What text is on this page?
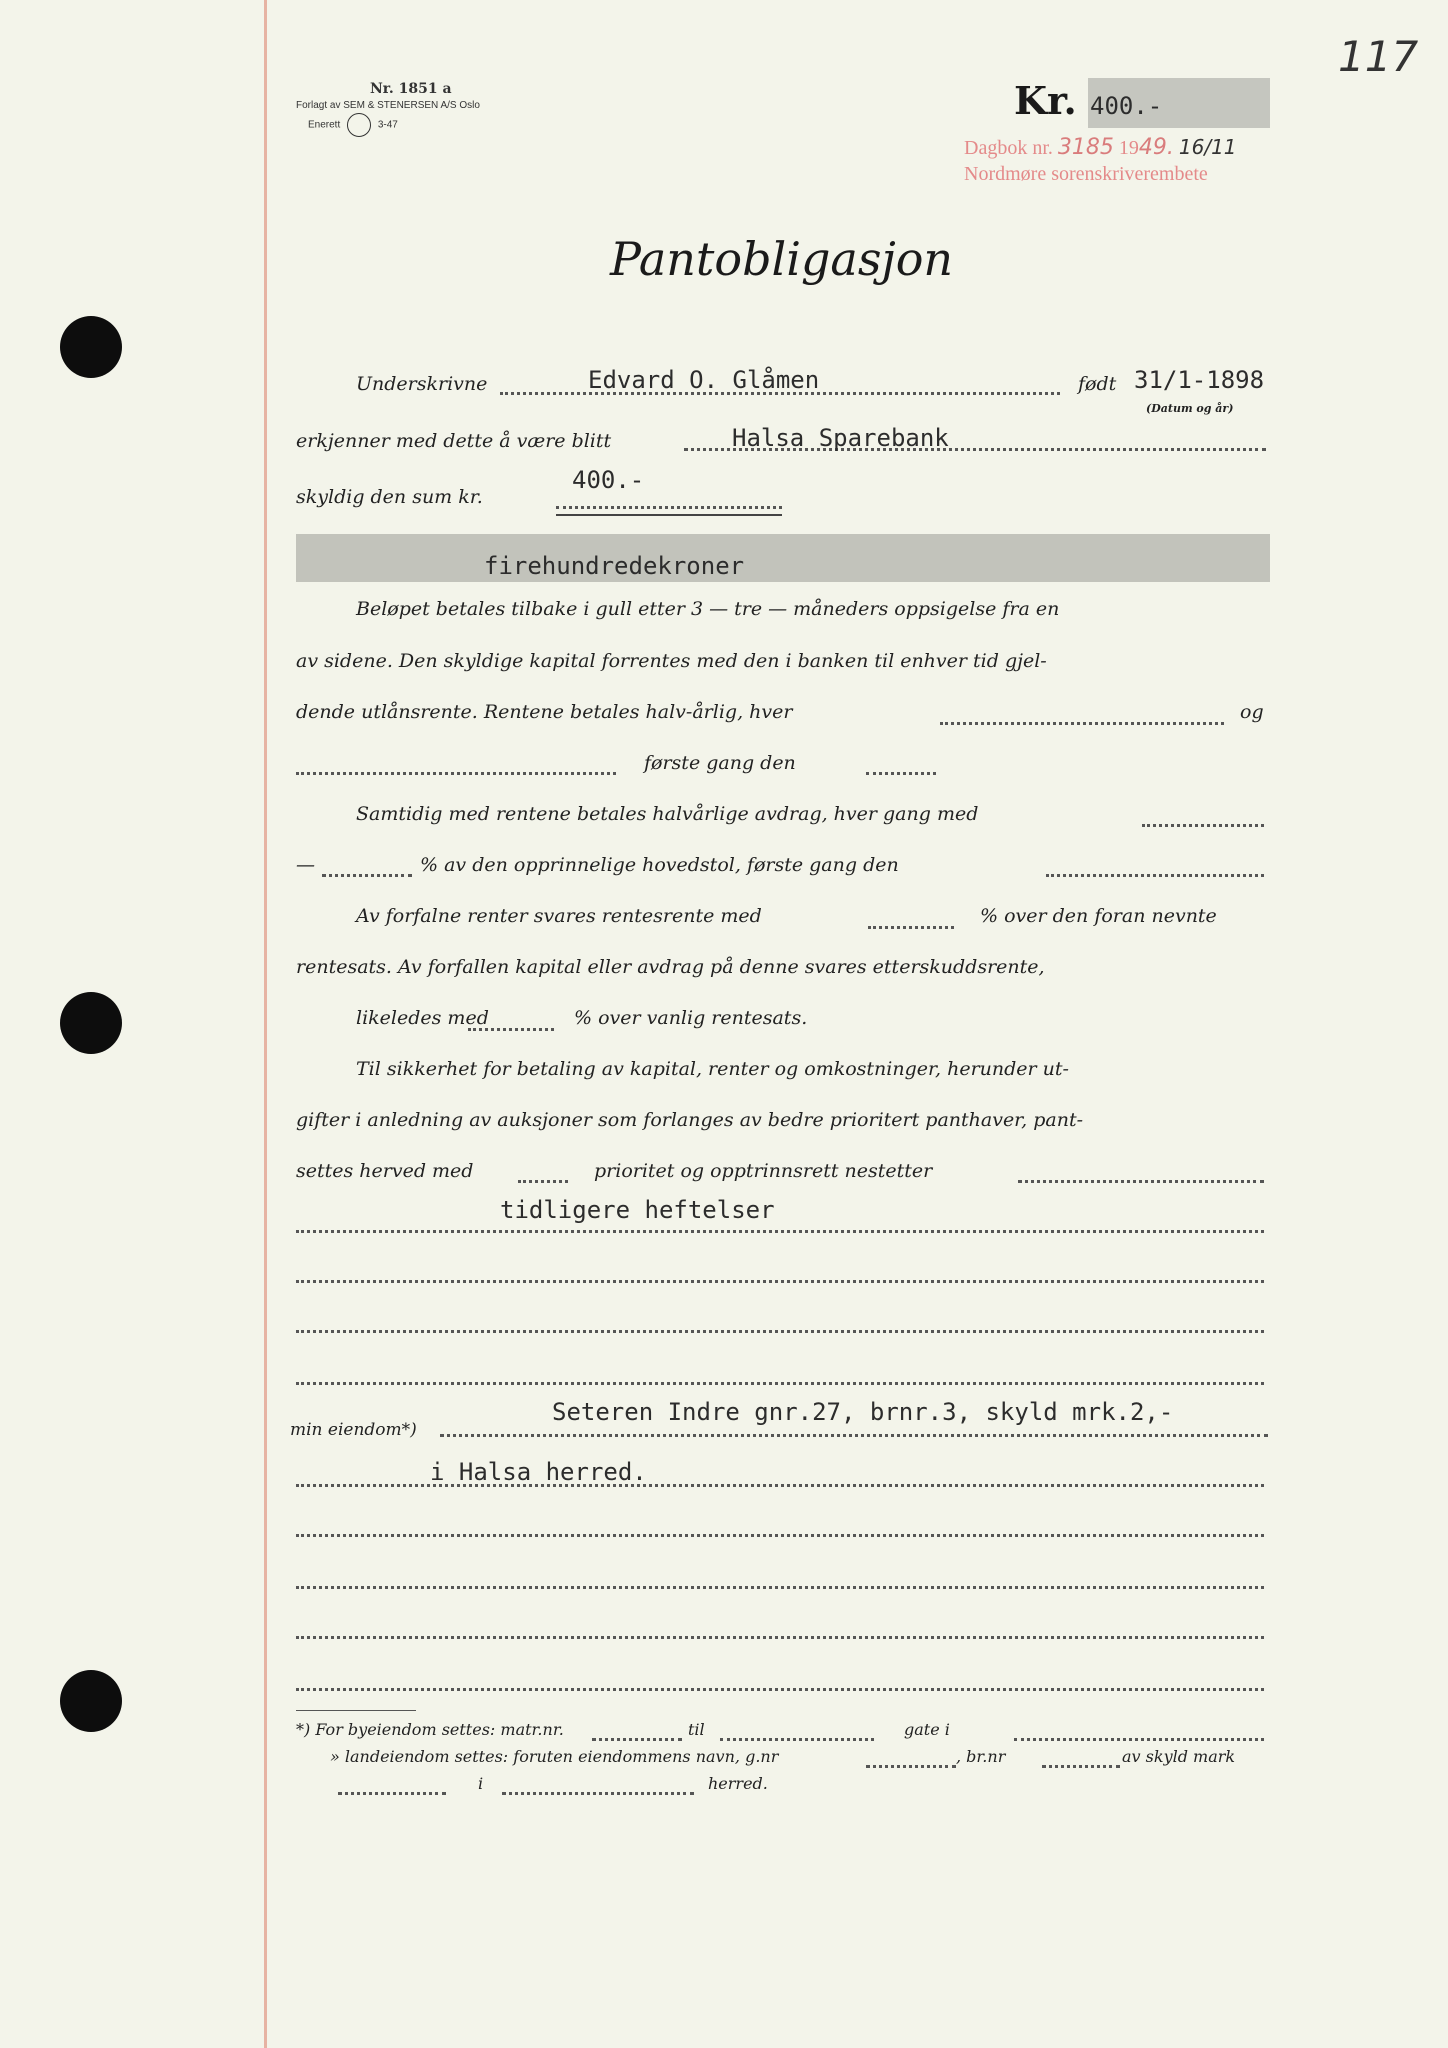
117
Nr. 1851 a
Forlagt av SEM & STENERSEN A/S Oslo
Enerett	3-47
Kr. 400.-
Dagbok nr. 3185 1949. 16/11
Nordmøre sorenskriverembete
Pantobligasjon
Underskrivne	Edvard O. Glåmen	født 31/1-1898
(Datum og år)
erkjenner med dette å være blitt	Halsa Sparebank
skyldig den sum kr.
400.-
firehundredekroner
Beløpet betales tilbake i gull etter 3 — tre — måneders oppsigelse fra en
av sidene. Den skyldige kapital forrentes med den i banken til enhver tid gjel-
dende utlånsrente. Rentene betales halv-årlig, hver	og
første gang den
Samtidig med rentene betales halvårlige avdrag, hver gang med
—	% av den opprinnelige hovedstol, første gang den
Av forfalne renter svares rentesrente med	% over den foran nevnte
rentesats. Av forfallen kapital eller avdrag på denne svares etterskuddsrente,
likeledes med	% over vanlig rentesats.
Til sikkerhet for betaling av kapital, renter og omkostninger, herunder ut-
gifter i anledning av auksjoner som forlanges av bedre prioritert panthaver, pant-
settes herved med	prioritet og opptrinnsrett nestetter
tidligere heftelser
min eiendom*)
Seteren Indre gnr.27, brnr.3, skyld mrk.2,-
i Halsa herred.
*) For byeiendom settes: matr.nr.	til	gate i
» landeiendom settes: foruten eiendommens navn, g.nr	, br.nr	av skyld mark
i	herred.
